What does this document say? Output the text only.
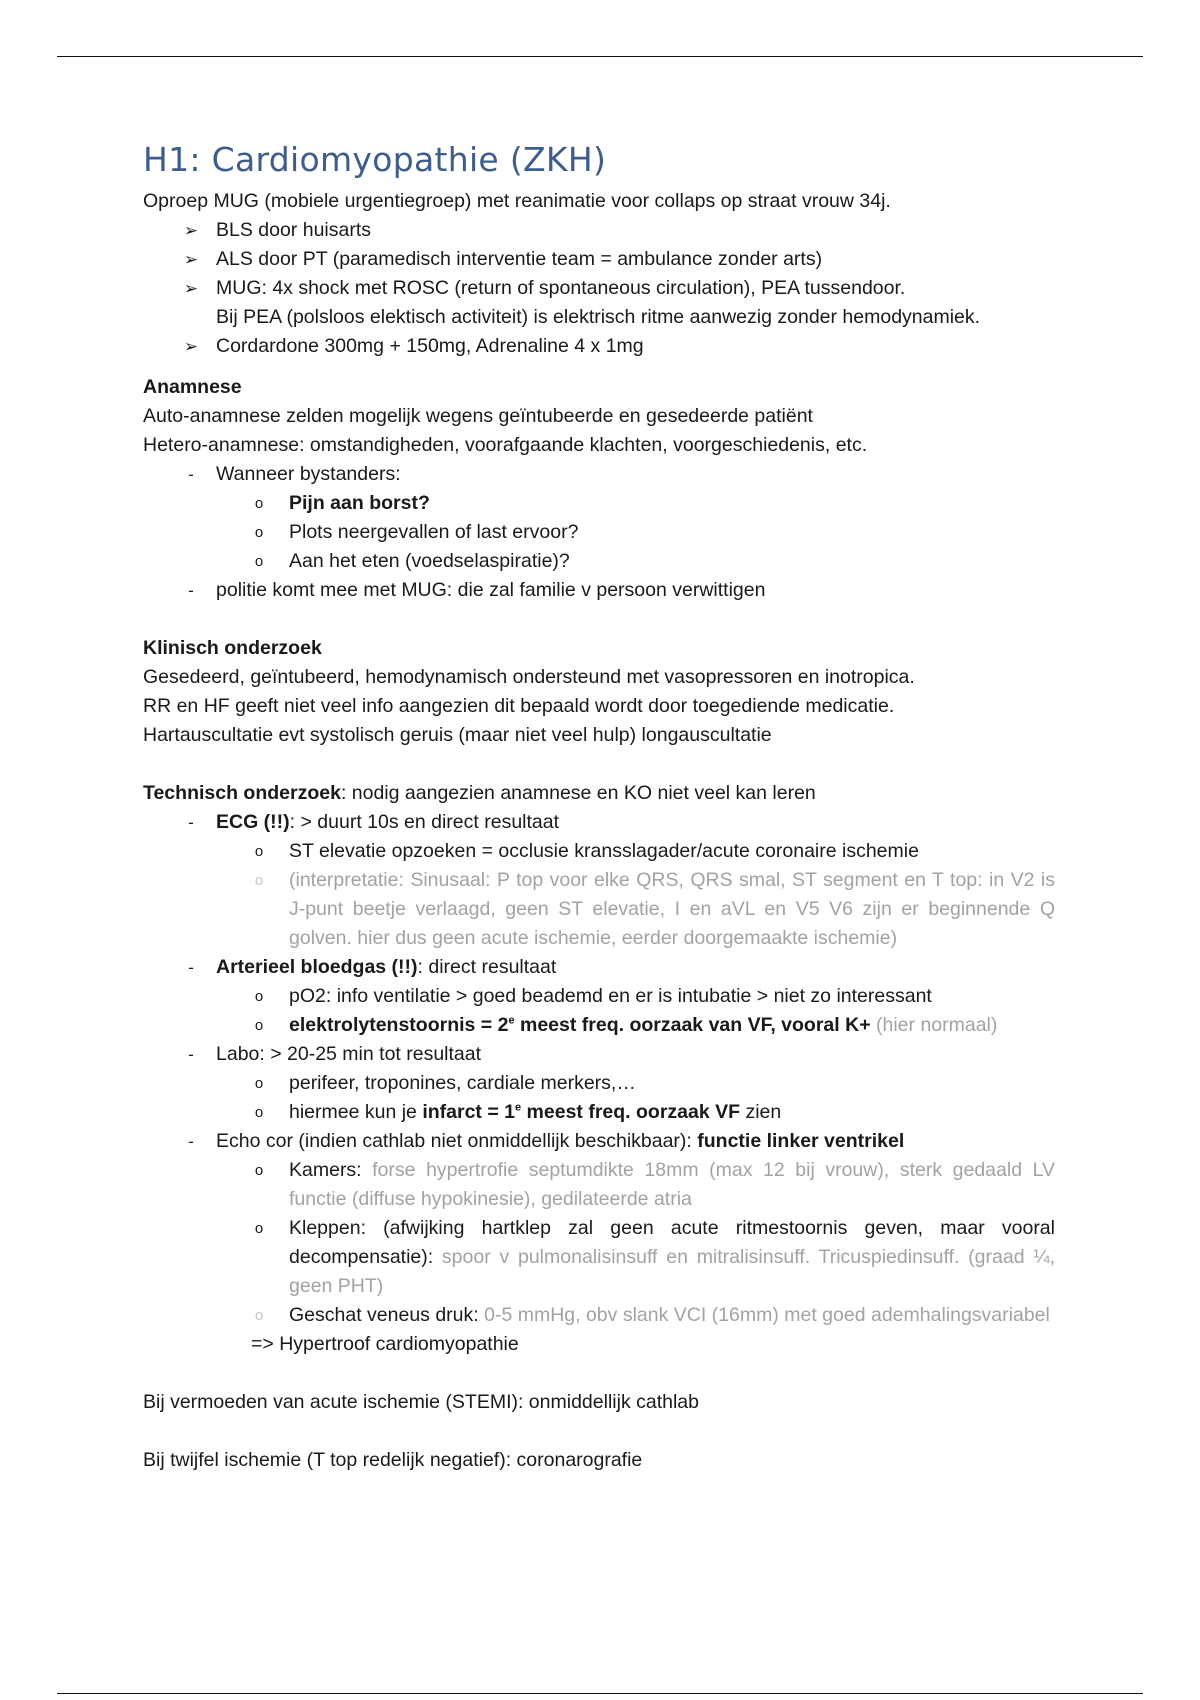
H1: Cardiomyopathie (ZKH)

Oproep MUG (mobiele urgentiegroep) met reanimatie voor collaps op straat vrouw 34j.

➢ BLS door huisarts
➢ ALS door PT (paramedisch interventie team = ambulance zonder arts)
➢ MUG: 4x shock met ROSC (return of spontaneous circulation), PEA tussendoor.

Bij PEA (polsloos elektisch activiteit) is elektrisch ritme aanwezig zonder hemodynamiek.

➢ Cordardone 300mg + 150mg, Adrenaline 4 x 1mg

Anamnese

Auto-anamnese zelden mogelijk wegens geïntubeerde en gesedeerde patiënt

Hetero-anamnese: omstandigheden, voorafgaande klachten, voorgeschiedenis, etc.

-	Wanneer bystanders:
o	Pijn aan borst?
o	Plots neergevallen of last ervoor?
o	Aan het eten (voedselaspiratie)?
-	politie komt mee met MUG: die zal familie v persoon verwittigen

Klinisch onderzoek

Gesedeerd, geïntubeerd, hemodynamisch ondersteund met vasopressoren en inotropica.

RR en HF geeft niet veel info aangezien dit bepaald wordt door toegediende medicatie.

Hartauscultatie evt systolisch geruis (maar niet veel hulp) longauscultatie

Technisch onderzoek: nodig aangezien anamnese en KO niet veel kan leren

-	ECG (!!): > duurt 10s en direct resultaat
o	ST elevatie opzoeken = occlusie kransslagader/acute coronaire ischemie
o	(interpretatie: Sinusaal: P top voor elke QRS, QRS smal, ST segment en T top: in V2 is J-punt beetje verlaagd, geen ST elevatie, I en aVL en V5 V6 zijn er beginnende Q golven. hier dus geen acute ischemie, eerder doorgemaakte ischemie)
-	Arterieel bloedgas (!!): direct resultaat
o	pO2: info ventilatie > goed beademd en er is intubatie > niet zo interessant
o	elektrolytenstoornis = $2^e$ meest freq. oorzaak van VF, vooral K+ (hier normaal)
-	Labo: > 20-25 min tot resultaat
o	perifeer, troponines, cardiale merkers,…
o	hiermee kun je infarct = $1^e$ meest freq. oorzaak VF zien
-	Echo cor (indien cathlab niet onmiddellijk beschikbaar): functie linker ventrikel
o	Kamers: forse hypertrofie septumdikte 18mm (max 12 bij vrouw), sterk gedaald LV functie (diffuse hypokinesie), gedilateerde atria
o	Kleppen: (afwijking hartklep zal geen acute ritmestoornis geven, maar vooral decompensatie): spoor v pulmonalisinsuff en mitralisinsuff. Tricuspiedinsuff. (graad ¼, geen PHT)
o	Geschat veneus druk: 0-5 mmHg, obv slank VCI (16mm) met goed ademhalingsvariabel

=> Hypertroof cardiomyopathie

Bij vermoeden van acute ischemie (STEMI): onmiddellijk cathlab

Bij twijfel ischemie (T top redelijk negatief): coronarografie
